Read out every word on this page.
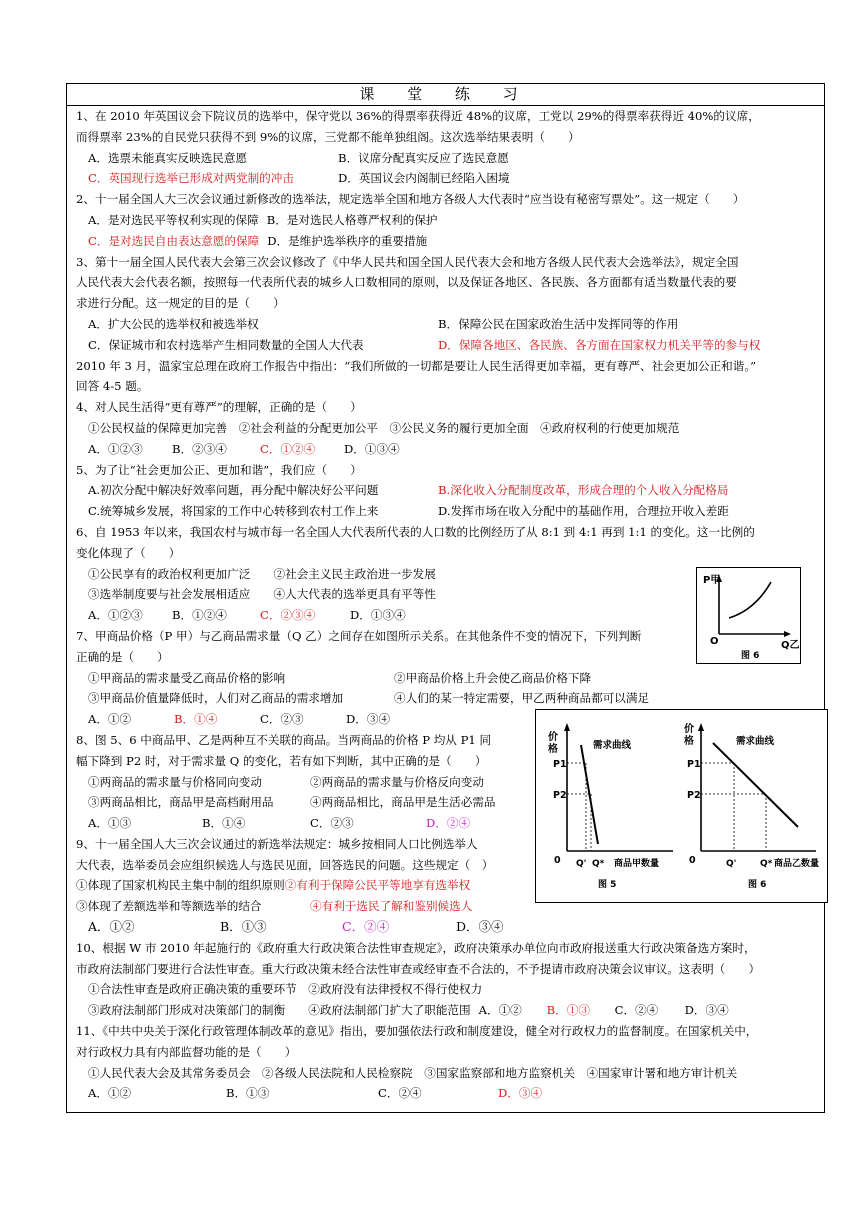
课 堂 练 习
1、在 2010 年英国议会下院议员的选举中，保守党以 36%的得票率获得近 48%的议席，工党以 29%的得票率获得近 40%的议席，
而得票率 23%的自民党只获得不到 9%的议席，三党都不能单独组阁。这次选举结果表明（　　）
A．选票未能真实反映选民意愿	B．议席分配真实反应了选民意愿
C．英国现行选举已形成对两党制的冲击	D．英国议会内阁制已经陷入困境
2、十一届全国人大三次会议通过新修改的选举法，规定选举全国和地方各级人大代表时“应当设有秘密写票处”。这一规定（　　）
A．是对选民平等权利实现的保障 B．是对选民人格尊严权利的保护
C．是对选民自由表达意愿的保障 D．是维护选举秩序的重要措施
3、第十一届全国人民代表大会第三次会议修改了《中华人民共和国全国人民代表大会和地方各级人民代表大会选举法》，规定全国
人民代表大会代表名额，按照每一代表所代表的城乡人口数相同的原则，以及保证各地区、各民族、各方面都有适当数量代表的要
求进行分配。这一规定的目的是（　　）
A．扩大公民的选举权和被选举权	B．保障公民在国家政治生活中发挥同等的作用
C．保证城市和农村选举产生相同数量的全国人大代表	D．保障各地区、各民族、各方面在国家权力机关平等的参与权
2010 年 3 月，温家宝总理在政府工作报告中指出：“我们所做的一切都是要让人民生活得更加幸福，更有尊严、社会更加公正和谐。”
回答 4-5 题。
4、对人民生活得“更有尊严”的理解，正确的是（　　）
①公民权益的保障更加完善　②社会利益的分配更加公平　③公民义务的履行更加全面　④政府权利的行使更加规范
A．①②③	B．②③④	C．①②④ D．①③④
5、为了让“社会更加公正、更加和谐”，我们应（　　）
A.初次分配中解决好效率问题，再分配中解决好公平问题	B.深化收入分配制度改革，形成合理的个人收入分配格局
C.统筹城乡发展，将国家的工作中心转移到农村工作上来	D.发挥市场在收入分配中的基础作用，合理拉开收入差距
6、自 1953 年以来，我国农村与城市每一名全国人大代表所代表的人口数的比例经历了从 8:1 到 4:1 再到 1:1 的变化。这一比例的
变化体现了（　　）
①公民享有的政治权利更加广泛　　②社会主义民主政治进一步发展
③选举制度要与社会发展相适应　　④人大代表的选举更具有平等性
A．①②③	B．①②④	C．②③④	D．①③④
7、甲商品价格（P 甲）与乙商品需求量（Q 乙）之间存在如图所示关系。在其他条件不变的情况下，下列判断
正确的是（　　）
①甲商品的需求量受乙商品价格的影响	②甲商品价格上升会使乙商品价格下降
③甲商品价值量降低时，人们对乙商品的需求增加	④人们的某一特定需要，甲乙两种商品都可以满足
A．①②	B．①④	C．②③	D．③④
8、图 5、6 中商品甲、乙是两种互不关联的商品。当两商品的价格 P 均从 P1 同
幅下降到 P2 时，对于需求量 Q 的变化，若有如下判断，其中正确的是（　　）
①两商品的需求量与价格同向变动	②两商品的需求量与价格反向变动
③两商品相比，商品甲是高档耐用品	④两商品相比，商品甲是生活必需品
A．①③	B．①④	C．②③	D．②④
9、十一届全国人大三次会议通过的新选举法规定：城乡按相同人口比例选举人
大代表，选举委员会应组织候选人与选民见面，回答选民的问题。这些规定（　）
①体现了国家机构民主集中制的组织原则②有利于保障公民平等地享有选举权
③体现了差额选举和等额选举的结合	④有利于选民了解和鉴别候选人
A．①②	B．①③	C．②④	D．③④
10、根据 W 市 2010 年起施行的《政府重大行政决策合法性审查规定》，政府决策承办单位向市政府报送重大行政决策备选方案时，
市政府法制部门要进行合法性审查。重大行政决策未经合法性审查或经审查不合法的，不予提请市政府决策会议审议。这表明（　　）
①合法性审查是政府正确决策的重要环节　②政府没有法律授权不得行使权力
③政府法制部门形成对决策部门的制衡　　④政府法制部门扩大了职能范围 A．①② B．①③ C．②④ D．③④
11、《中共中央关于深化行政管理体制改革的意见》指出，要加强依法行政和制度建设，健全对行政权力的监督制度。在国家机关中，
对行政权力具有内部监督功能的是（　　）
①人民代表大会及其常务委员会　②各级人民法院和人民检察院　③国家监察部和地方监察机关　④国家审计署和地方审计机关
A．①②	B．①③	C．②④	D．③④
P甲
O	Q乙
图 6
价
格	需求曲线
P1
P2
0 Q' Q* 商品甲数量
图 5
价
格	需求曲线
P1
P2
0	Q'	Q* 商品乙数量
图 6
